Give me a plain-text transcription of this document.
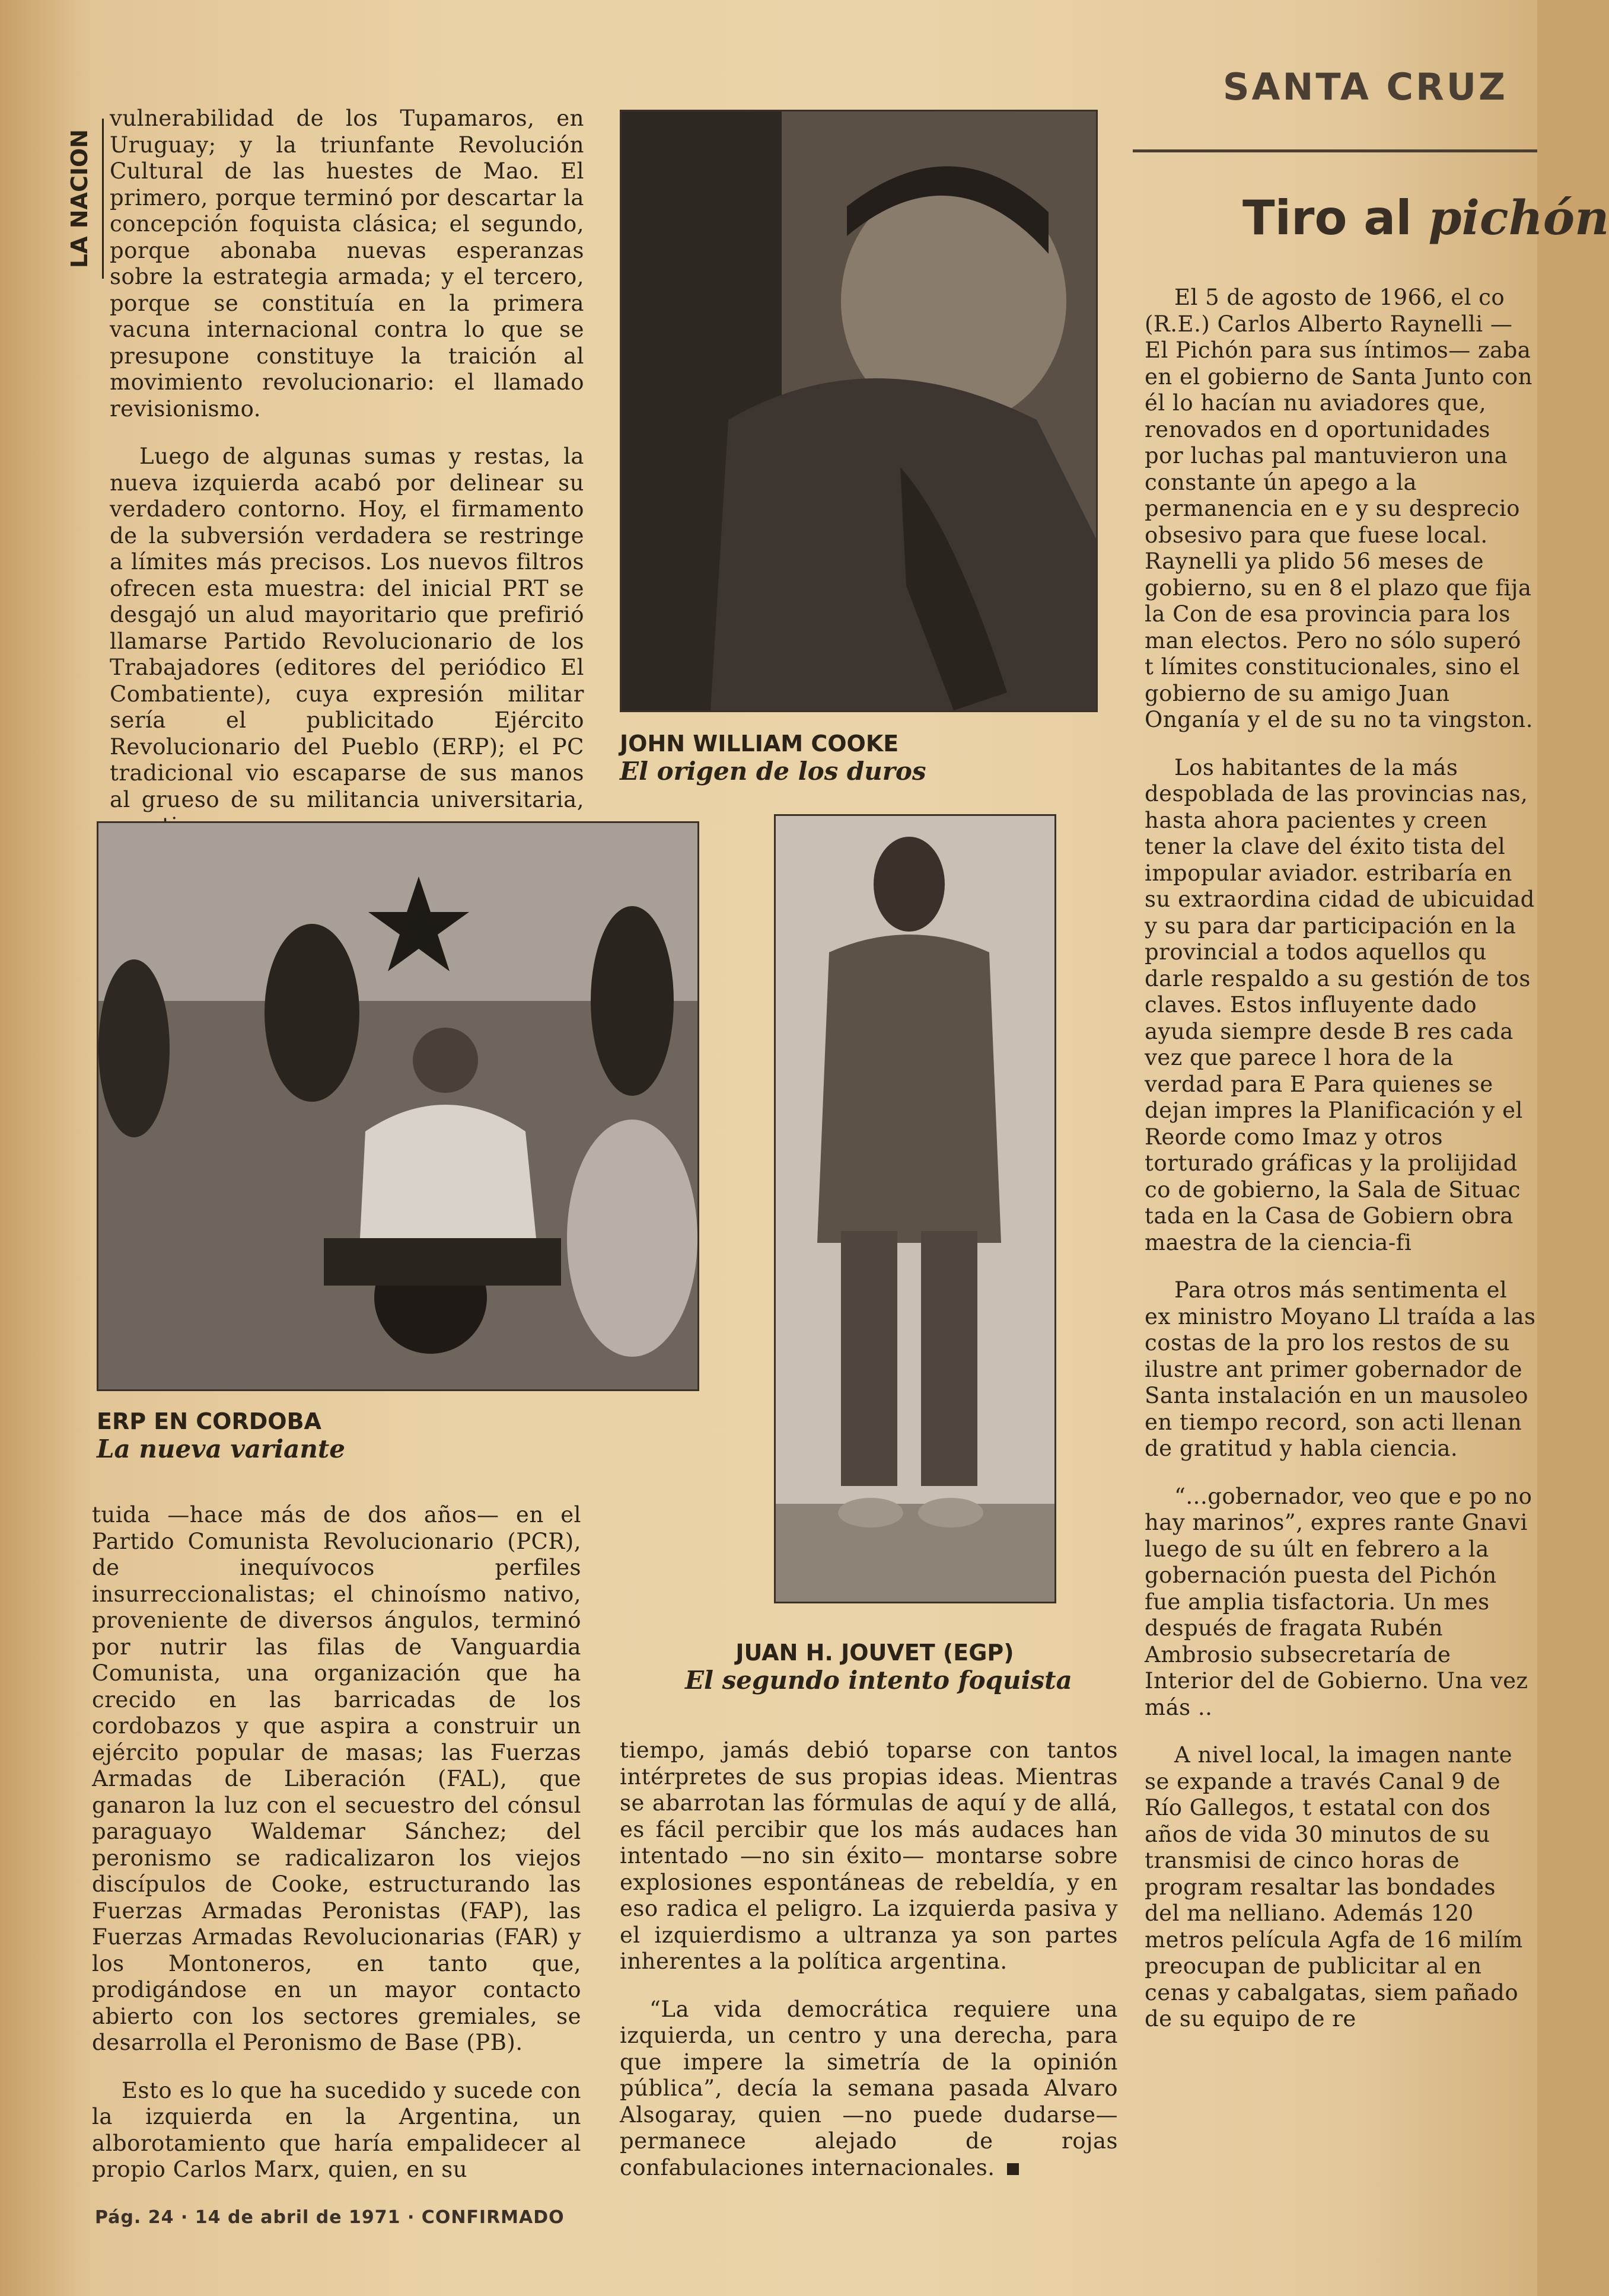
LA NACION
SANTA CRUZ
Tiro al pichón

vulnerabilidad de los Tupamaros, en Uruguay; y la triunfante Revolución Cultural de las huestes de Mao. El primero, porque terminó por descartar la concepción foquista clásica; el segundo, porque abonaba nuevas esperanzas sobre la estrategia armada; y el tercero, porque se constituía en la primera vacuna internacional contra lo que se presupone constituye la traición al movimiento revolucionario: el llamado revisionismo.

Luego de algunas sumas y restas, la nueva izquierda acabó por delinear su verdadero contorno. Hoy, el firmamento de la subversión verdadera se restringe a límites más precisos. Los nuevos filtros ofrecen esta muestra: del inicial PRT se desgajó un alud mayoritario que prefirió llamarse Partido Revolucionario de los Trabajadores (editores del periódico El Combatiente), cuya expresión militar sería el publicitado Ejército Revolucionario del Pueblo (ERP); el PC tradicional vio escaparse de sus manos al grueso de su militancia universitaria,

JOHN WILLIAM COOKE
El origen de los duros
ERP EN CORDOBA
La nueva variante
JUAN H. JOUVET (EGP)
El segundo intento foquista

tuida —hace más de dos años— en el Partido Comunista Revolucionario (PCR), de inequívocos perfiles insurreccionalistas; el chinoísmo nativo, proveniente de diversos ángulos, terminó por nutrir las filas de Vanguardia Comunista, una organización que ha crecido en las barricadas de los cordobazos y que aspira a construir un ejército popular de masas; las Fuerzas Armadas de Liberación (FAL), que ganaron la luz con el secuestro del cónsul paraguayo Waldemar Sánchez; del peronismo se radicalizaron los viejos discípulos de Cooke, estructurando las Fuerzas Armadas Peronistas (FAP), las Fuerzas Armadas Revolucionarias (FAR) y los Montoneros, en tanto que, prodigándose en un mayor contacto abierto con los sectores gremiales, se desarrolla el Peronismo de Base (PB).

Esto es lo que ha sucedido y sucede con la izquierda en la Argentina, un alborotamiento que haría empalidecer al propio Carlos Marx, quien, en su

tiempo, jamás debió toparse con tantos intérpretes de sus propias ideas. Mientras se abarrotan las fórmulas de aquí y de allá, es fácil percibir que los más audaces han intentado —no sin éxito— montarse sobre explosiones espontáneas de rebeldía, y en eso radica el peligro. La izquierda pasiva y el izquierdismo a ultranza ya son partes inherentes a la política argentina.

“La vida democrática requiere una izquierda, un centro y una derecha, para que impere la simetría de la opinión pública”, decía la semana pasada Alvaro Alsogaray, quien —no puede dudarse— permanece alejado de rojas confabulaciones internacionales.

El 5 de agosto de 1966, el co (R.E.) Carlos Alberto Raynelli —El Pichón para sus íntimos— zaba en el gobierno de Santa Junto con él lo hacían nu aviadores que, renovados en d oportunidades por luchas pal mantuvieron una constante ún apego a la permanencia en e y su desprecio obsesivo para que fuese local. Raynelli ya plido 56 meses de gobierno, su en 8 el plazo que fija la Con de esa provincia para los man electos. Pero no sólo superó t límites constitucionales, sino el gobierno de su amigo Juan Onganía y el de su no ta vingston.

Los habitantes de la más despoblada de las provincias nas, hasta ahora pacientes y creen tener la clave del éxito tista del impopular aviador. estribaría en su extraordina cidad de ubicuidad y su para dar participación en la provincial a todos aquellos qu darle respaldo a su gestión de tos claves. Estos influyente dado ayuda siempre desde B res cada vez que parece l hora de la verdad para E Para quienes se dejan impres la Planificación y el Reorde como Imaz y otros torturado gráficas y la prolijidad co de gobierno, la Sala de Situac tada en la Casa de Gobiern obra maestra de la ciencia-fi

Para otros más sentimenta el ex ministro Moyano Ll traída a las costas de la pro los restos de su ilustre ant primer gobernador de Santa instalación en un mausoleo en tiempo record, son acti llenan de gratitud y habla ciencia.

“...gobernador, veo que e po no hay marinos”, expres rante Gnavi luego de su últ en febrero a la gobernación puesta del Pichón fue amplia tisfactoria. Un mes después de fragata Rubén Ambrosio subsecretaría de Interior del de Gobierno. Una vez más ..

A nivel local, la imagen nante se expande a través Canal 9 de Río Gallegos, t estatal con dos años de vida 30 minutos de su transmisi de cinco horas de program resaltar las bondades del ma nelliano. Además 120 metros película Agfa de 16 milím preocupan de publicitar al en cenas y cabalgatas, siem pañado de su equipo de re

Pág. 24 · 14 de abril de 1971 · CONFIRMADO
